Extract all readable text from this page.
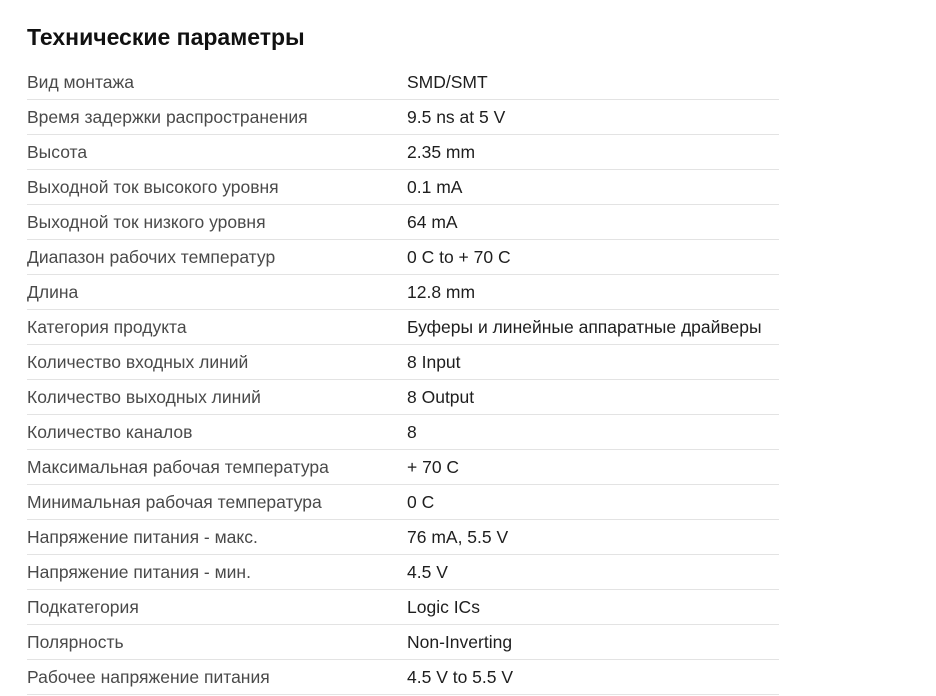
Технические параметры
Вид монтажа	SMD/SMT
Время задержки распространения	9.5 ns at 5 V
Высота	2.35 mm
Выходной ток высокого уровня	0.1 mA
Выходной ток низкого уровня	64 mA
Диапазон рабочих температур	0 C to + 70 C
Длина	12.8 mm
Категория продукта	Буферы и линейные аппаратные драйверы
Количество входных линий	8 Input
Количество выходных линий	8 Output
Количество каналов	8
Максимальная рабочая температура	+ 70 C
Минимальная рабочая температура	0 C
Напряжение питания - макс.	76 mA, 5.5 V
Напряжение питания - мин.	4.5 V
Подкатегория	Logic ICs
Полярность	Non-Inverting
Рабочее напряжение питания	4.5 V to 5.5 V
